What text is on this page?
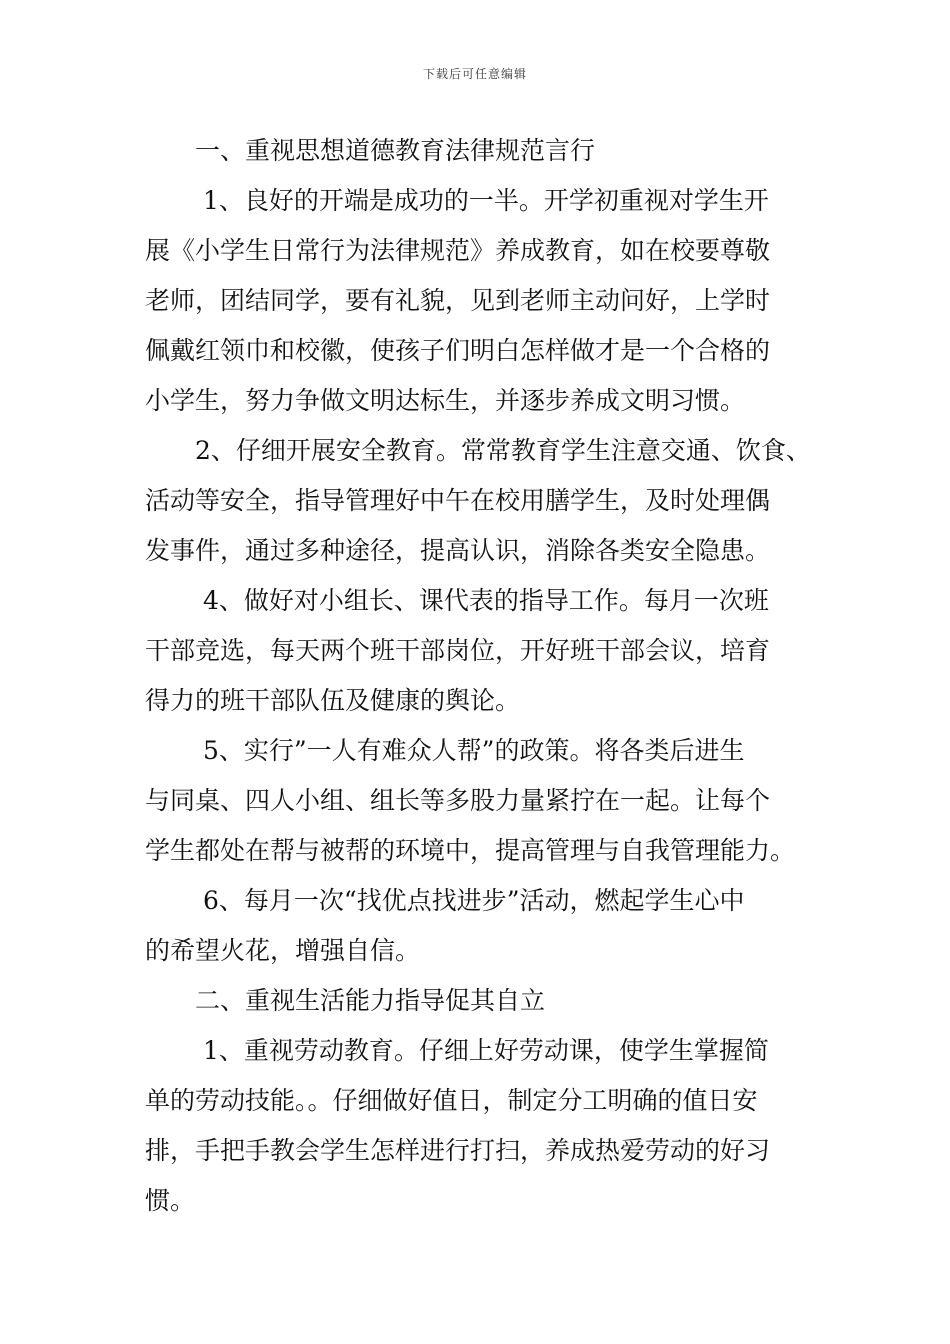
下载后可任意编辑
一、重视思想道德教育法律规范言行
1、良好的开端是成功的一半。开学初重视对学生开
展《小学生日常行为法律规范》养成教育，如在校要尊敬
老师，团结同学，要有礼貌，见到老师主动问好，上学时
佩戴红领巾和校徽，使孩子们明白怎样做才是一个合格的
小学生，努力争做文明达标生，并逐步养成文明习惯。
2、仔细开展安全教育。常常教育学生注意交通、饮食、
活动等安全，指导管理好中午在校用膳学生，及时处理偶
发事件，通过多种途径，提高认识，消除各类安全隐患。
4、做好对小组长、课代表的指导工作。每月一次班
干部竞选，每天两个班干部岗位，开好班干部会议，培育
得力的班干部队伍及健康的舆论。
5、实行”一人有难众人帮”的政策。将各类后进生
与同桌、四人小组、组长等多股力量紧拧在一起。让每个
学生都处在帮与被帮的环境中，提高管理与自我管理能力。
6、每月一次“找优点找进步”活动，燃起学生心中
的希望火花，增强自信。
二、重视生活能力指导促其自立
1、重视劳动教育。仔细上好劳动课，使学生掌握简
单的劳动技能。。仔细做好值日，制定分工明确的值日安
排，手把手教会学生怎样进行打扫，养成热爱劳动的好习
惯。
